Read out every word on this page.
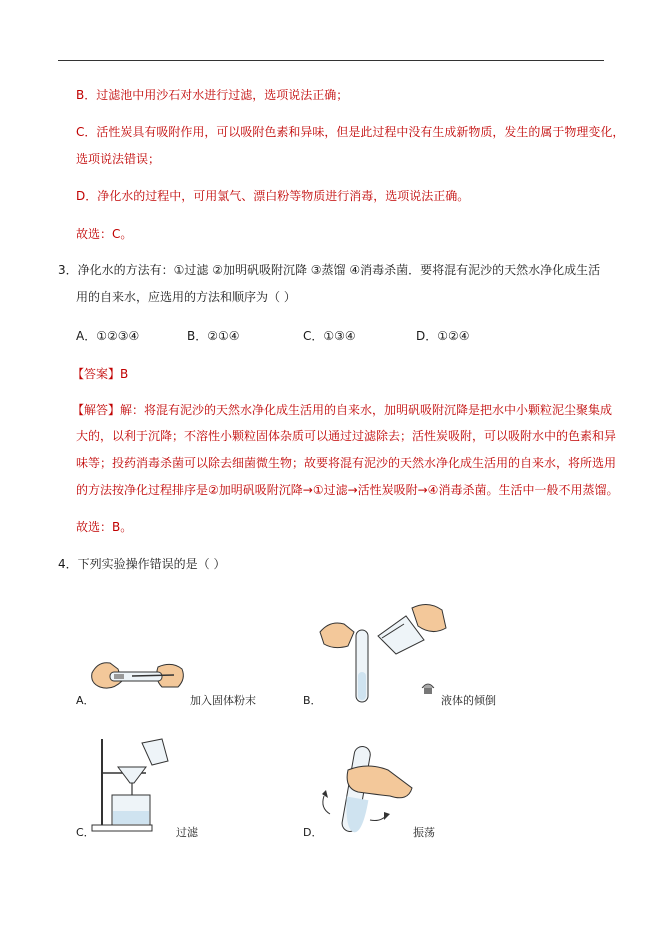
B．过滤池中用沙石对水进行过滤，选项说法正确；
C．活性炭具有吸附作用，可以吸附色素和异味，但是此过程中没有生成新物质，发生的属于物理变化，
选项说法错误；
D．净化水的过程中，可用氯气、漂白粉等物质进行消毒，选项说法正确。
故选：C。
3．净化水的方法有：①过滤 ②加明矾吸附沉降 ③蒸馏 ④消毒杀菌．要将混有泥沙的天然水净化成生活
用的自来水，应选用的方法和顺序为（ ）
A．①②③④	B．②①④	C．①③④	D．①②④
【答案】B
【解答】解：将混有泥沙的天然水净化成生活用的自来水，加明矾吸附沉降是把水中小颗粒泥尘聚集成
大的，以利于沉降；不溶性小颗粒固体杂质可以通过过滤除去；活性炭吸附，可以吸附水中的色素和异
味等；投药消毒杀菌可以除去细菌微生物；故要将混有泥沙的天然水净化成生活用的自来水，将所选用
的方法按净化过程排序是②加明矾吸附沉降→①过滤→活性炭吸附→④消毒杀菌。生活中一般不用蒸馏。
故选：B。
4．下列实验操作错误的是（ ）
A．	加入固体粉末	B．	液体的倾倒
C．	过滤	D．	振荡
